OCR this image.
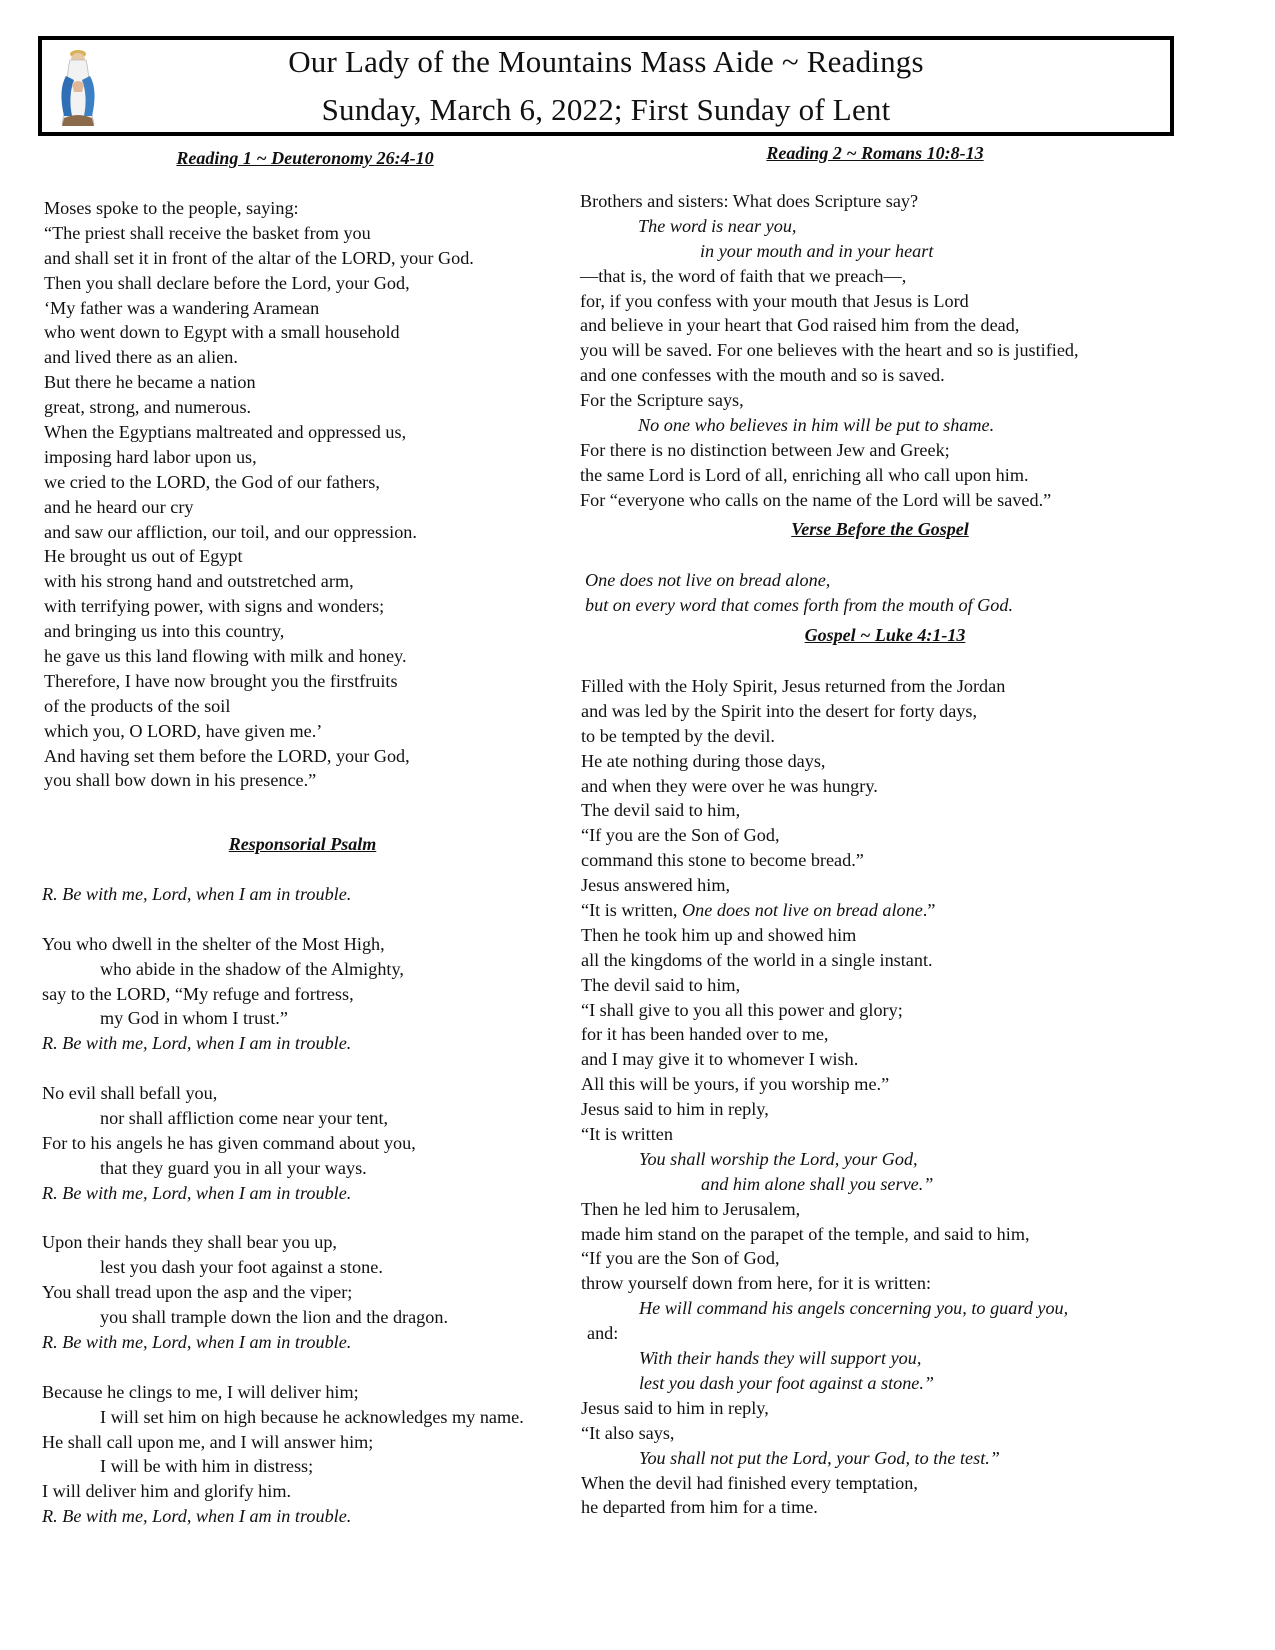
Our Lady of the Mountains Mass Aide ~ Readings
Sunday, March 6, 2022; First Sunday of Lent
Reading 1 ~ Deuteronomy 26:4-10
Moses spoke to the people, saying:
“The priest shall receive the basket from you
and shall set it in front of the altar of the LORD, your God.
Then you shall declare before the Lord, your God,
‘My father was a wandering Aramean
who went down to Egypt with a small household
and lived there as an alien.
But there he became a nation
great, strong, and numerous.
When the Egyptians maltreated and oppressed us,
imposing hard labor upon us,
we cried to the LORD, the God of our fathers,
and he heard our cry
and saw our affliction, our toil, and our oppression.
He brought us out of Egypt
with his strong hand and outstretched arm,
with terrifying power, with signs and wonders;
and bringing us into this country,
he gave us this land flowing with milk and honey.
Therefore, I have now brought you the firstfruits
of the products of the soil
which you, O LORD, have given me.’
And having set them before the LORD, your God,
you shall bow down in his presence.”
Responsorial Psalm
R. Be with me, Lord, when I am in trouble.
You who dwell in the shelter of the Most High,
who abide in the shadow of the Almighty,
say to the LORD, “My refuge and fortress,
my God in whom I trust.”
R. Be with me, Lord, when I am in trouble.
No evil shall befall you,
nor shall affliction come near your tent,
For to his angels he has given command about you,
that they guard you in all your ways.
R. Be with me, Lord, when I am in trouble.
Upon their hands they shall bear you up,
lest you dash your foot against a stone.
You shall tread upon the asp and the viper;
you shall trample down the lion and the dragon.
R. Be with me, Lord, when I am in trouble.
Because he clings to me, I will deliver him;
I will set him on high because he acknowledges my name.
He shall call upon me, and I will answer him;
I will be with him in distress;
I will deliver him and glorify him.
R. Be with me, Lord, when I am in trouble.
Reading 2 ~ Romans 10:8-13
Brothers and sisters: What does Scripture say?
The word is near you,
in your mouth and in your heart
—that is, the word of faith that we preach—,
for, if you confess with your mouth that Jesus is Lord
and believe in your heart that God raised him from the dead,
you will be saved. For one believes with the heart and so is justified,
and one confesses with the mouth and so is saved.
For the Scripture says,
No one who believes in him will be put to shame.
For there is no distinction between Jew and Greek;
the same Lord is Lord of all, enriching all who call upon him.
For “everyone who calls on the name of the Lord will be saved.”
Verse Before the Gospel
One does not live on bread alone,
but on every word that comes forth from the mouth of God.
Gospel ~ Luke 4:1-13
Filled with the Holy Spirit, Jesus returned from the Jordan
and was led by the Spirit into the desert for forty days,
to be tempted by the devil.
He ate nothing during those days,
and when they were over he was hungry.
The devil said to him,
“If you are the Son of God,
command this stone to become bread.”
Jesus answered him,
“It is written, One does not live on bread alone.”
Then he took him up and showed him
all the kingdoms of the world in a single instant.
The devil said to him,
“I shall give to you all this power and glory;
for it has been handed over to me,
and I may give it to whomever I wish.
All this will be yours, if you worship me.”
Jesus said to him in reply,
“It is written
You shall worship the Lord, your God,
and him alone shall you serve.”
Then he led him to Jerusalem,
made him stand on the parapet of the temple, and said to him,
“If you are the Son of God,
throw yourself down from here, for it is written:
He will command his angels concerning you, to guard you,
and:
With their hands they will support you,
lest you dash your foot against a stone.”
Jesus said to him in reply,
“It also says,
You shall not put the Lord, your God, to the test.”
When the devil had finished every temptation,
he departed from him for a time.
